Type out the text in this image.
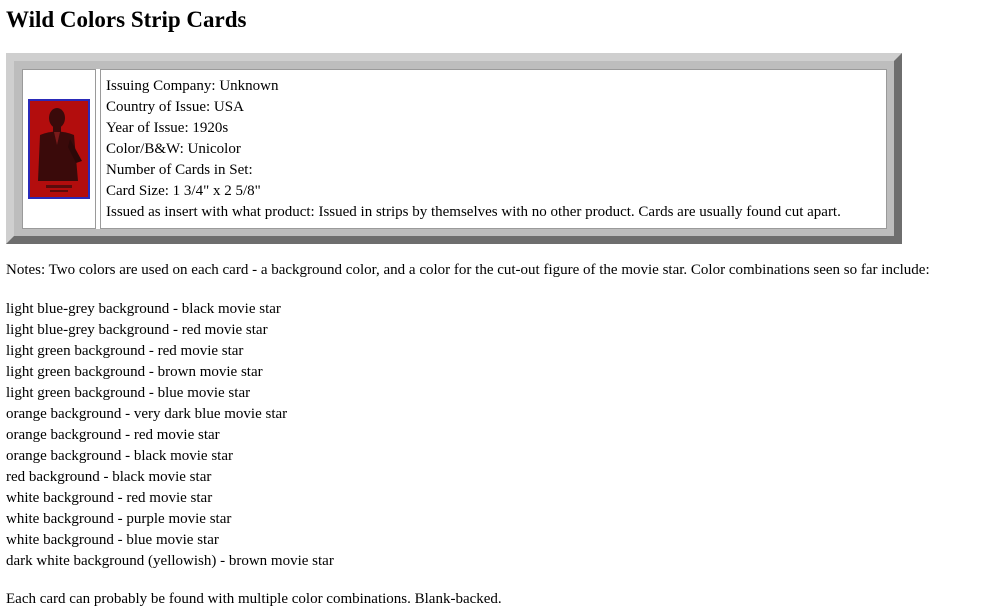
Wild Colors Strip Cards
Issuing Company: Unknown
Country of Issue: USA
Year of Issue: 1920s
Color/B&W: Unicolor
Number of Cards in Set:
Card Size: 1 3/4" x 2 5/8"
Issued as insert with what product: Issued in strips by themselves with no other product. Cards are usually found cut apart.

Notes: Two colors are used on each card - a background color, and a color for the cut-out figure of the movie star. Color combinations seen so far include:

light blue-grey background - black movie star
light blue-grey background - red movie star
light green background - red movie star
light green background - brown movie star
light green background - blue movie star
orange background - very dark blue movie star
orange background - red movie star
orange background - black movie star
red background - black movie star
white background - red movie star
white background - purple movie star
white background - blue movie star
dark white background (yellowish) - brown movie star

Each card can probably be found with multiple color combinations. Blank-backed.
